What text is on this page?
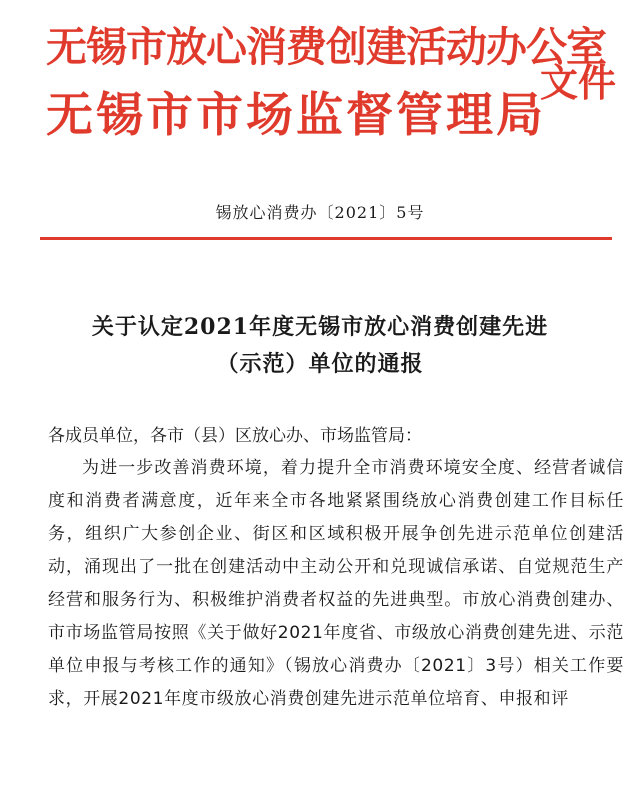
无锡市放心消费创建活动办公室
无锡市市场监督管理局
文件
锡放心消费办〔2021〕5号
关于认定2021年度无锡市放心消费创建先进
（示范）单位的通报
各成员单位，各市（县）区放心办、市场监管局：
为进一步改善消费环境，着力提升全市消费环境安全度、经营者诚信度和消费者满意度，近年来全市各地紧紧围绕放心消费创建工作目标任务，组织广大参创企业、街区和区域积极开展争创先进示范单位创建活动，涌现出了一批在创建活动中主动公开和兑现诚信承诺、自觉规范生产经营和服务行为、积极维护消费者权益的先进典型。市放心消费创建办、市市场监管局按照《关于做好2021年度省、市级放心消费创建先进、示范单位申报与考核工作的通知》（锡放心消费办〔2021〕3号）相关工作要求，开展2021年度市级放心消费创建先进示范单位培育、申报和评
